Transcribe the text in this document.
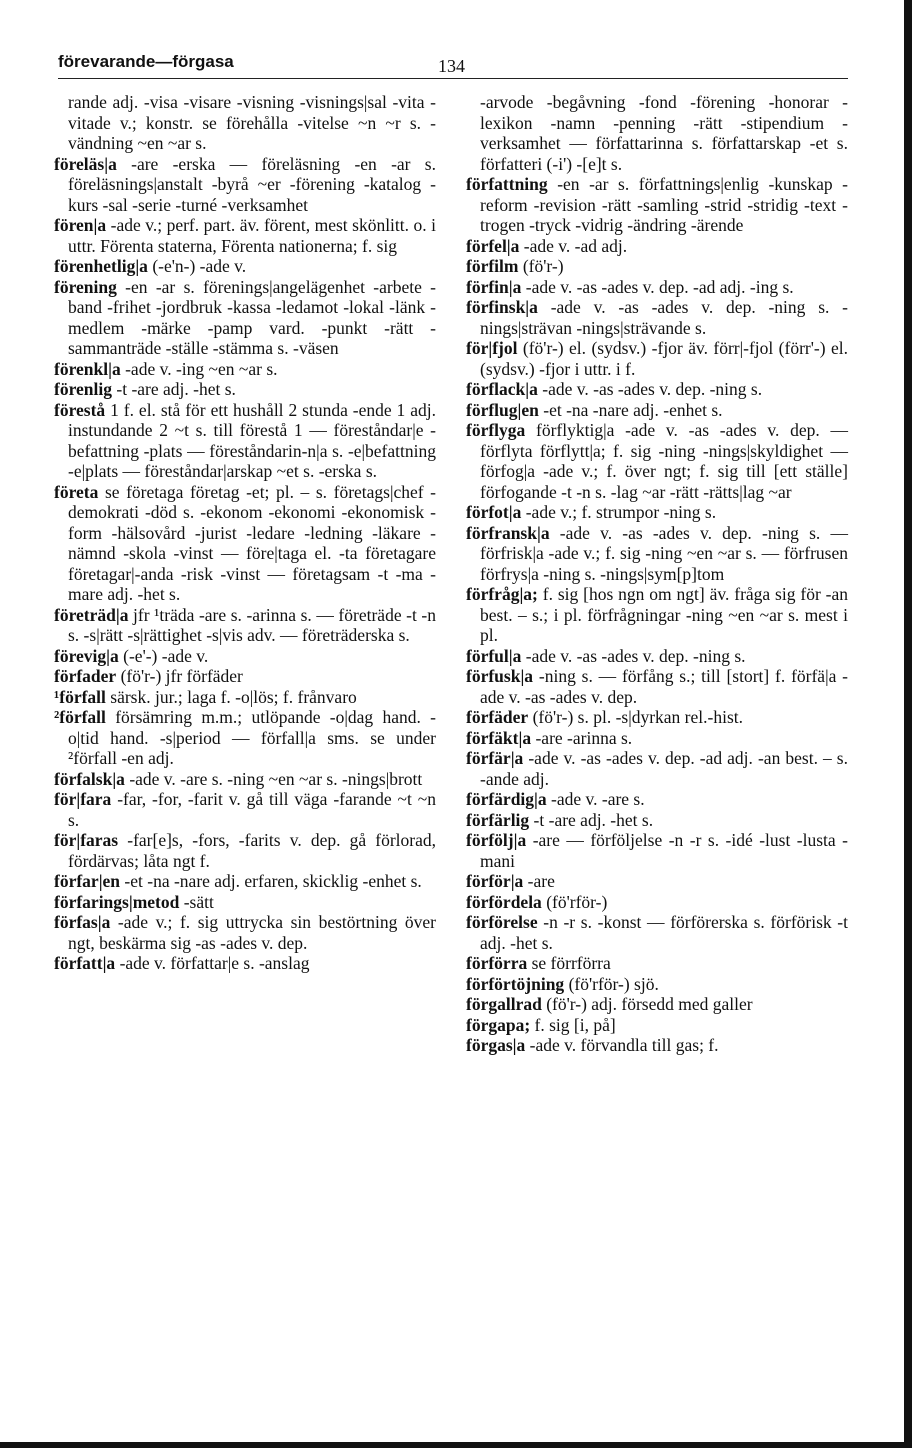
förevarande—förgasa	134

rande adj. -visa -visare -visning -visnings|sal -vita -vitade v.; konstr. se förehålla -vitelse ~n ~r s. -vändning ~en ~ar s.

föreläs|a -are -erska — föreläsning -en -ar s. föreläsnings|anstalt -byrå ~er -förening -katalog -kurs -sal -serie -turné -verksamhet

fören|a -ade v.; perf. part. äv. förent, mest skönlitt. o. i uttr. Förenta staterna, Förenta nationerna; f. sig

förenhetlig|a (-e'n-) -ade v.

förening -en -ar s. förenings|angelägenhet -arbete -band -frihet -jordbruk -kassa -ledamot -lokal -länk -medlem -märke -pamp vard. -punkt -rätt -sammanträde -ställe -stämma s. -väsen

förenkl|a -ade v. -ing ~en ~ar s.

förenlig -t -are adj. -het s.

förestå 1 f. el. stå för ett hushåll 2 stunda -ende 1 adj. instundande 2 ~t s. till förestå 1 — föreståndar|e -befattning -plats — föreståndarin-n|a s. -e|befattning -e|plats — föreståndar|arskap ~et s. -erska s.

företa se företaga företag -et; pl. – s. företags|chef -demokrati -död s. -ekonom -ekonomi -ekonomisk -form -hälsovård -jurist -ledare -ledning -läkare -nämnd -skola -vinst — före|taga el. -ta företagare företagar|-anda -risk -vinst — företagsam -t -ma -mare adj. -het s.

företräd|a jfr ¹träda -are s. -arinna s. — företräde -t -n s. -s|rätt -s|rättighet -s|vis adv. — företräderska s.

förevig|a (-e'-) -ade v.

förfader (fö'r-) jfr förfäder

¹förfall särsk. jur.; laga f. -o|lös; f. frånvaro

²förfall försämring m.m.; utlöpande -o|dag hand. -o|tid hand. -s|period — förfall|a sms. se under ²förfall -en adj.

förfalsk|a -ade v. -are s. -ning ~en ~ar s. -nings|brott

för|fara -far, -for, -farit v. gå till väga -farande ~t ~n s.

för|faras -far[e]s, -fors, -farits v. dep. gå förlorad, fördärvas; låta ngt f.

förfar|en -et -na -nare adj. erfaren, skicklig -enhet s.

förfarings|metod -sätt

förfas|a -ade v.; f. sig uttrycka sin bestörtning över ngt, beskärma sig -as -ades v. dep.

författ|a -ade v. författar|e s. -anslag

-arvode -begåvning -fond -förening -honorar -lexikon -namn -penning -rätt -stipendium -verksamhet — författarinna s. författarskap -et s. författeri (-i') -[e]t s.

författning -en -ar s. författnings|enlig -kunskap -reform -revision -rätt -samling -strid -stridig -text -trogen -tryck -vidrig -ändring -ärende

förfel|a -ade v. -ad adj.

förfilm (fö'r-)

förfin|a -ade v. -as -ades v. dep. -ad adj. -ing s.

förfinsk|a -ade v. -as -ades v. dep. -ning s. -nings|strävan -nings|strävande s.

för|fjol (fö'r-) el. (sydsv.) -fjor äv. förr|-fjol (förr'-) el. (sydsv.) -fjor i uttr. i f.

förflack|a -ade v. -as -ades v. dep. -ning s.

förflug|en -et -na -nare adj. -enhet s.

förflyga förflyktig|a -ade v. -as -ades v. dep. — förflyta förflytt|a; f. sig -ning -nings|skyldighet — förfog|a -ade v.; f. över ngt; f. sig till [ett ställe] förfogande -t -n s. -lag ~ar -rätt -rätts|lag ~ar

förfot|a -ade v.; f. strumpor -ning s.

förfransk|a -ade v. -as -ades v. dep. -ning s. — förfrisk|a -ade v.; f. sig -ning ~en ~ar s. — förfrusen förfrys|a -ning s. -nings|sym[p]tom

förfråg|a; f. sig [hos ngn om ngt] äv. fråga sig för -an best. – s.; i pl. förfrågningar -ning ~en ~ar s. mest i pl.

förful|a -ade v. -as -ades v. dep. -ning s.

förfusk|a -ning s. — förfång s.; till [stort] f. förfä|a -ade v. -as -ades v. dep.

förfäder (fö'r-) s. pl. -s|dyrkan rel.-hist.

förfäkt|a -are -arinna s.

förfär|a -ade v. -as -ades v. dep. -ad adj. -an best. – s. -ande adj.

förfärdig|a -ade v. -are s.

förfärlig -t -are adj. -het s.

förfölj|a -are — förföljelse -n -r s. -idé -lust -lusta -mani

förför|a -are

förfördela (fö'rför-)

förförelse -n -r s. -konst — förförerska s. förförisk -t adj. -het s.

förförra se förrförra

förförtöjning (fö'rför-) sjö.

förgallrad (fö'r-) adj. försedd med galler

förgapa; f. sig [i, på]

förgas|a -ade v. förvandla till gas; f.
